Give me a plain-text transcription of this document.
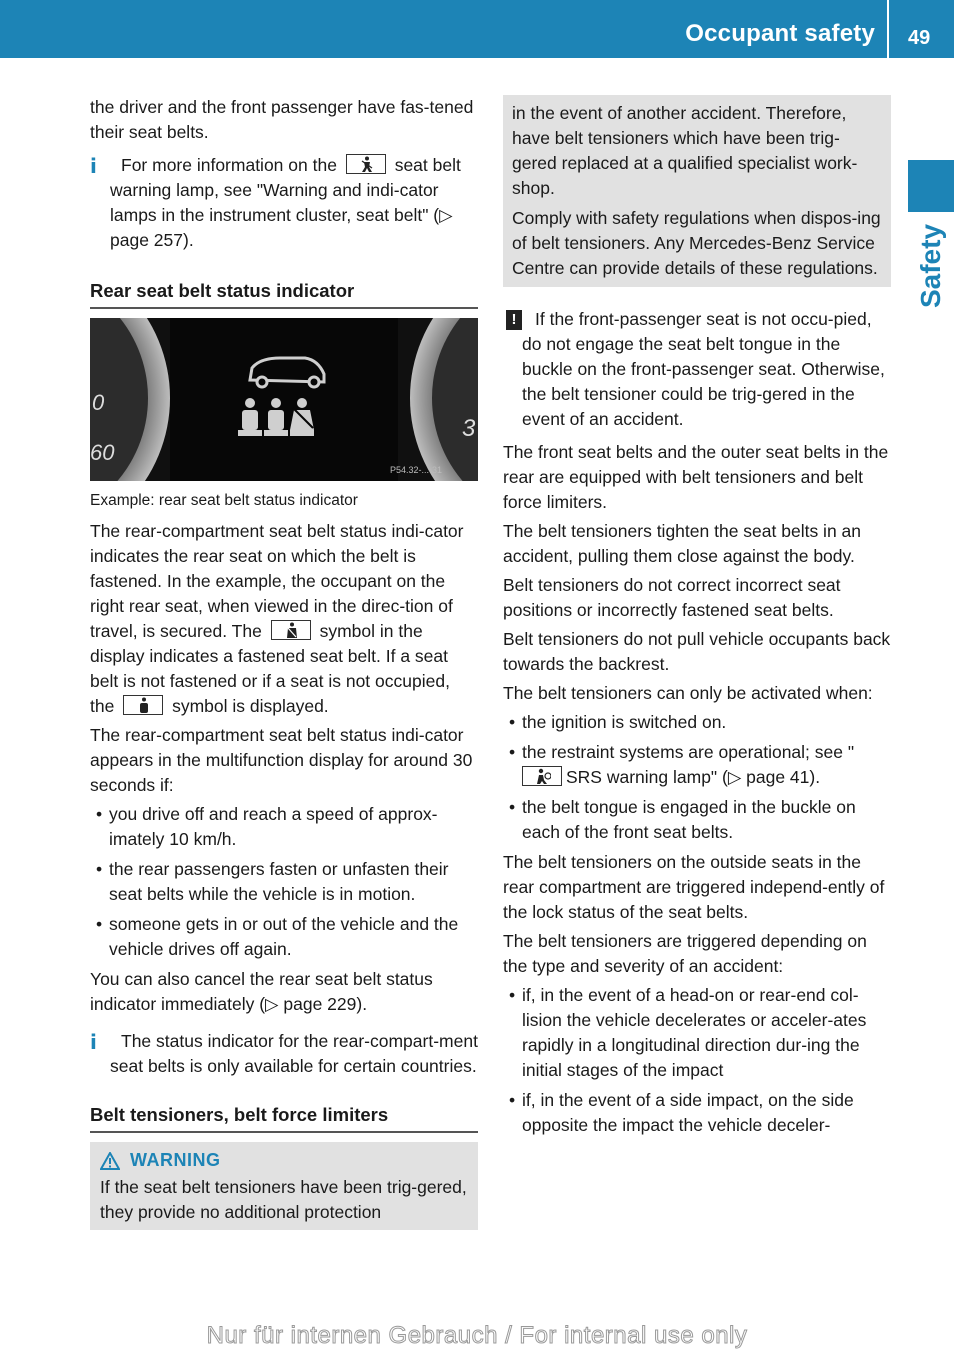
Occupant safety 49
Safety

the driver and the front passenger have fas-tened their seat belts.

i	For more information on the	seat belt warning lamp, see "Warning and indi-cator lamps in the instrument cluster, seat belt" (▷ page 257).
Rear seat belt status indicator
0
60
3
P54.32-...-31
Example: rear seat belt status indicator

The rear-compartment seat belt status indi-cator indicates the rear seat on which the belt is fastened. In the example, the occupant on the right rear seat, when viewed in the direc-tion of travel, is secured. The	symbol in the display indicates a fastened seat belt. If a seat belt is not fastened or if a seat is not occupied, the	symbol is displayed.

The rear-compartment seat belt status indi-cator appears in the multifunction display for around 30 seconds if:

• you drive off and reach a speed of approx-imately 10 km/h.
• the rear passengers fasten or unfasten their seat belts while the vehicle is in motion.
• someone gets in or out of the vehicle and the vehicle drives off again.

You can also cancel the rear seat belt status indicator immediately (▷ page 229).

i	The status indicator for the rear-compart-ment seat belts is only available for certain countries.
Belt tensioners, belt force limiters
WARNING
If the seat belt tensioners have been trig-gered, they provide no additional protection

in the event of another accident. Therefore, have belt tensioners which have been trig-gered replaced at a qualified specialist work-shop.

Comply with safety regulations when dispos-ing of belt tensioners. Any Mercedes-Benz Service Centre can provide details of these regulations.

!	If the front-passenger seat is not occu-pied, do not engage the seat belt tongue in the buckle on the front-passenger seat. Otherwise, the belt tensioner could be trig-gered in the event of an accident.

The front seat belts and the outer seat belts in the rear are equipped with belt tensioners and belt force limiters.

The belt tensioners tighten the seat belts in an accident, pulling them close against the body.

Belt tensioners do not correct incorrect seat positions or incorrectly fastened seat belts.

Belt tensioners do not pull vehicle occupants back towards the backrest.

The belt tensioners can only be activated when:

• the ignition is switched on.
• the restraint systems are operational; see "
SRS warning lamp" (▷ page 41).
• the belt tongue is engaged in the buckle on each of the front seat belts.

The belt tensioners on the outside seats in the rear compartment are triggered independ-ently of the lock status of the seat belts.

The belt tensioners are triggered depending on the type and severity of an accident:

• if, in the event of a head-on or rear-end col-lision the vehicle decelerates or acceler-ates rapidly in a longitudinal direction dur-ing the initial stages of the impact
• if, in the event of a side impact, on the side opposite the impact the vehicle deceler-
Nur für internen Gebrauch / For internal use only
